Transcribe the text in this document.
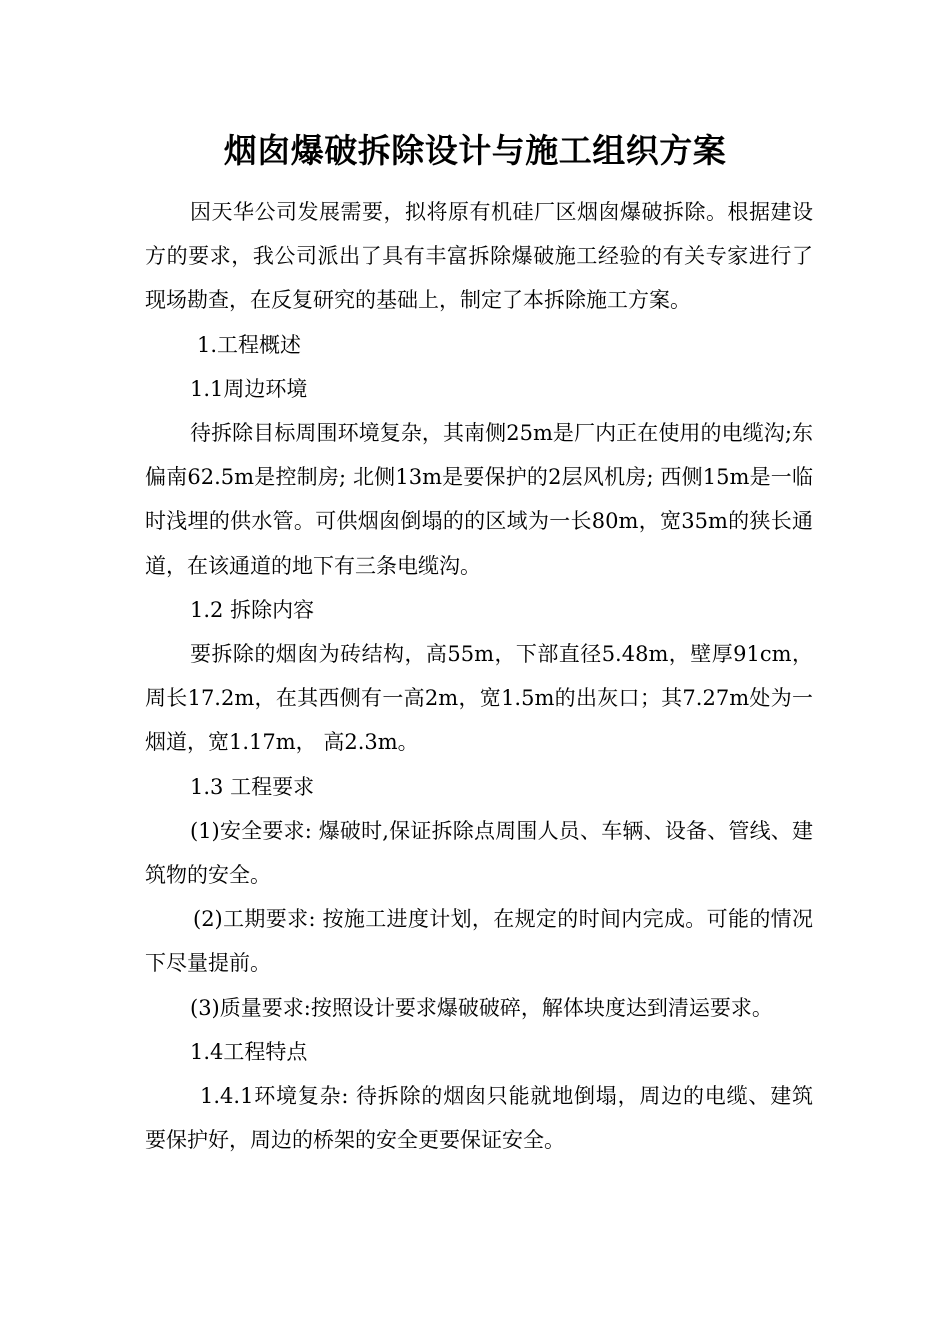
烟囱爆破拆除设计与施工组织方案

因天华公司发展需要，拟将原有机硅厂区烟囱爆破拆除。根据建设方的要求，我公司派出了具有丰富拆除爆破施工经验的有关专家进行了现场勘查，在反复研究的基础上，制定了本拆除施工方案。

1.工程概述

1.1周边环境

待拆除目标周围环境复杂，其南侧25m是厂内正在使用的电缆沟;东偏南62.5m是控制房; 北侧13m是要保护的2层风机房; 西侧15m是一临时浅埋的供水管。可供烟囱倒塌的的区域为一长80m，宽35m的狭长通道，在该通道的地下有三条电缆沟。

1.2 拆除内容

要拆除的烟囱为砖结构，高55m，下部直径5.48m，壁厚91cm，周长17.2m，在其西侧有一高2m，宽1.5m的出灰口；其7.27m处为一烟道，宽1.17m， 高2.3m。

1.3 工程要求

(1)安全要求: 爆破时,保证拆除点周围人员、车辆、设备、管线、建筑物的安全。

(2)工期要求: 按施工进度计划，在规定的时间内完成。可能的情况下尽量提前。

(3)质量要求:按照设计要求爆破破碎，解体块度达到清运要求。

1.4工程特点

1.4.1环境复杂: 待拆除的烟囱只能就地倒塌，周边的电缆、建筑要保护好，周边的桥架的安全更要保证安全。
